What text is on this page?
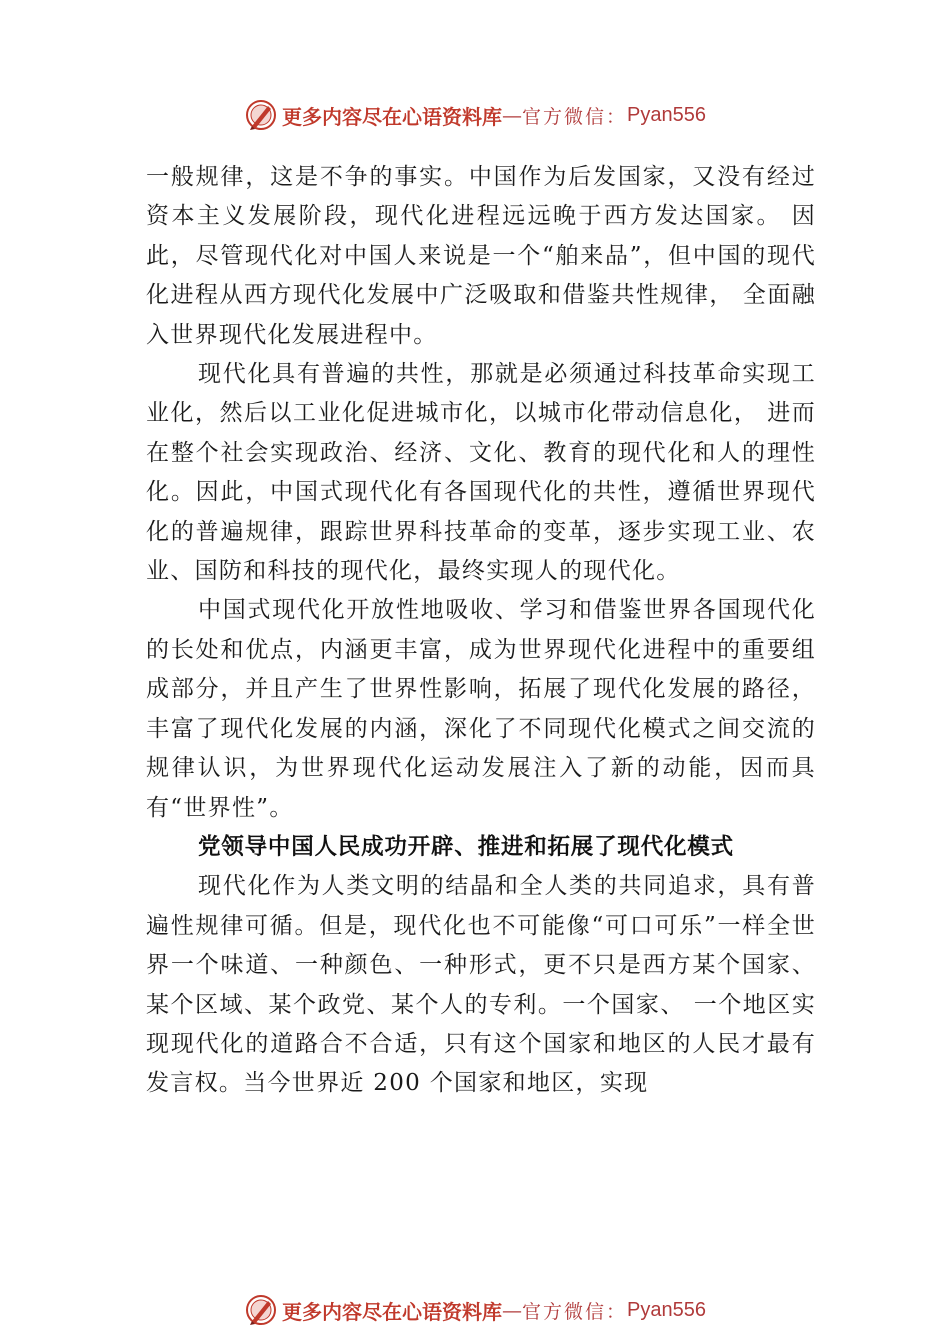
更多内容尽在心语资料库 — 官方微信： Pyan556

一般规律，这是不争的事实。中国作为后发国家，又没有经过资本主义发展阶段，现代化进程远远晚于西方发达国家。 因此，尽管现代化对中国人来说是一个“舶来品”，但中国的现代化进程从西方现代化发展中广泛吸取和借鉴共性规律， 全面融入世界现代化发展进程中。

现代化具有普遍的共性，那就是必须通过科技革命实现工业化，然后以工业化促进城市化，以城市化带动信息化， 进而在整个社会实现政治、经济、文化、教育的现代化和人的理性化。因此，中国式现代化有各国现代化的共性，遵循世界现代化的普遍规律，跟踪世界科技革命的变革，逐步实现工业、农业、国防和科技的现代化，最终实现人的现代化。

中国式现代化开放性地吸收、学习和借鉴世界各国现代化的长处和优点，内涵更丰富，成为世界现代化进程中的重要组成部分，并且产生了世界性影响，拓展了现代化发展的路径，丰富了现代化发展的内涵，深化了不同现代化模式之间交流的规律认识，为世界现代化运动发展注入了新的动能，因而具有“世界性”。

党领导中国人民成功开辟、推进和拓展了现代化模式

现代化作为人类文明的结晶和全人类的共同追求，具有普遍性规律可循。但是，现代化也不可能像“可口可乐”一样全世界一个味道、一种颜色、一种形式，更不只是西方某个国家、某个区域、某个政党、某个人的专利。一个国家、 一个地区实现现代化的道路合不合适，只有这个国家和地区的人民才最有发言权。当今世界近 200 个国家和地区，实现

更多内容尽在心语资料库 — 官方微信： Pyan556
